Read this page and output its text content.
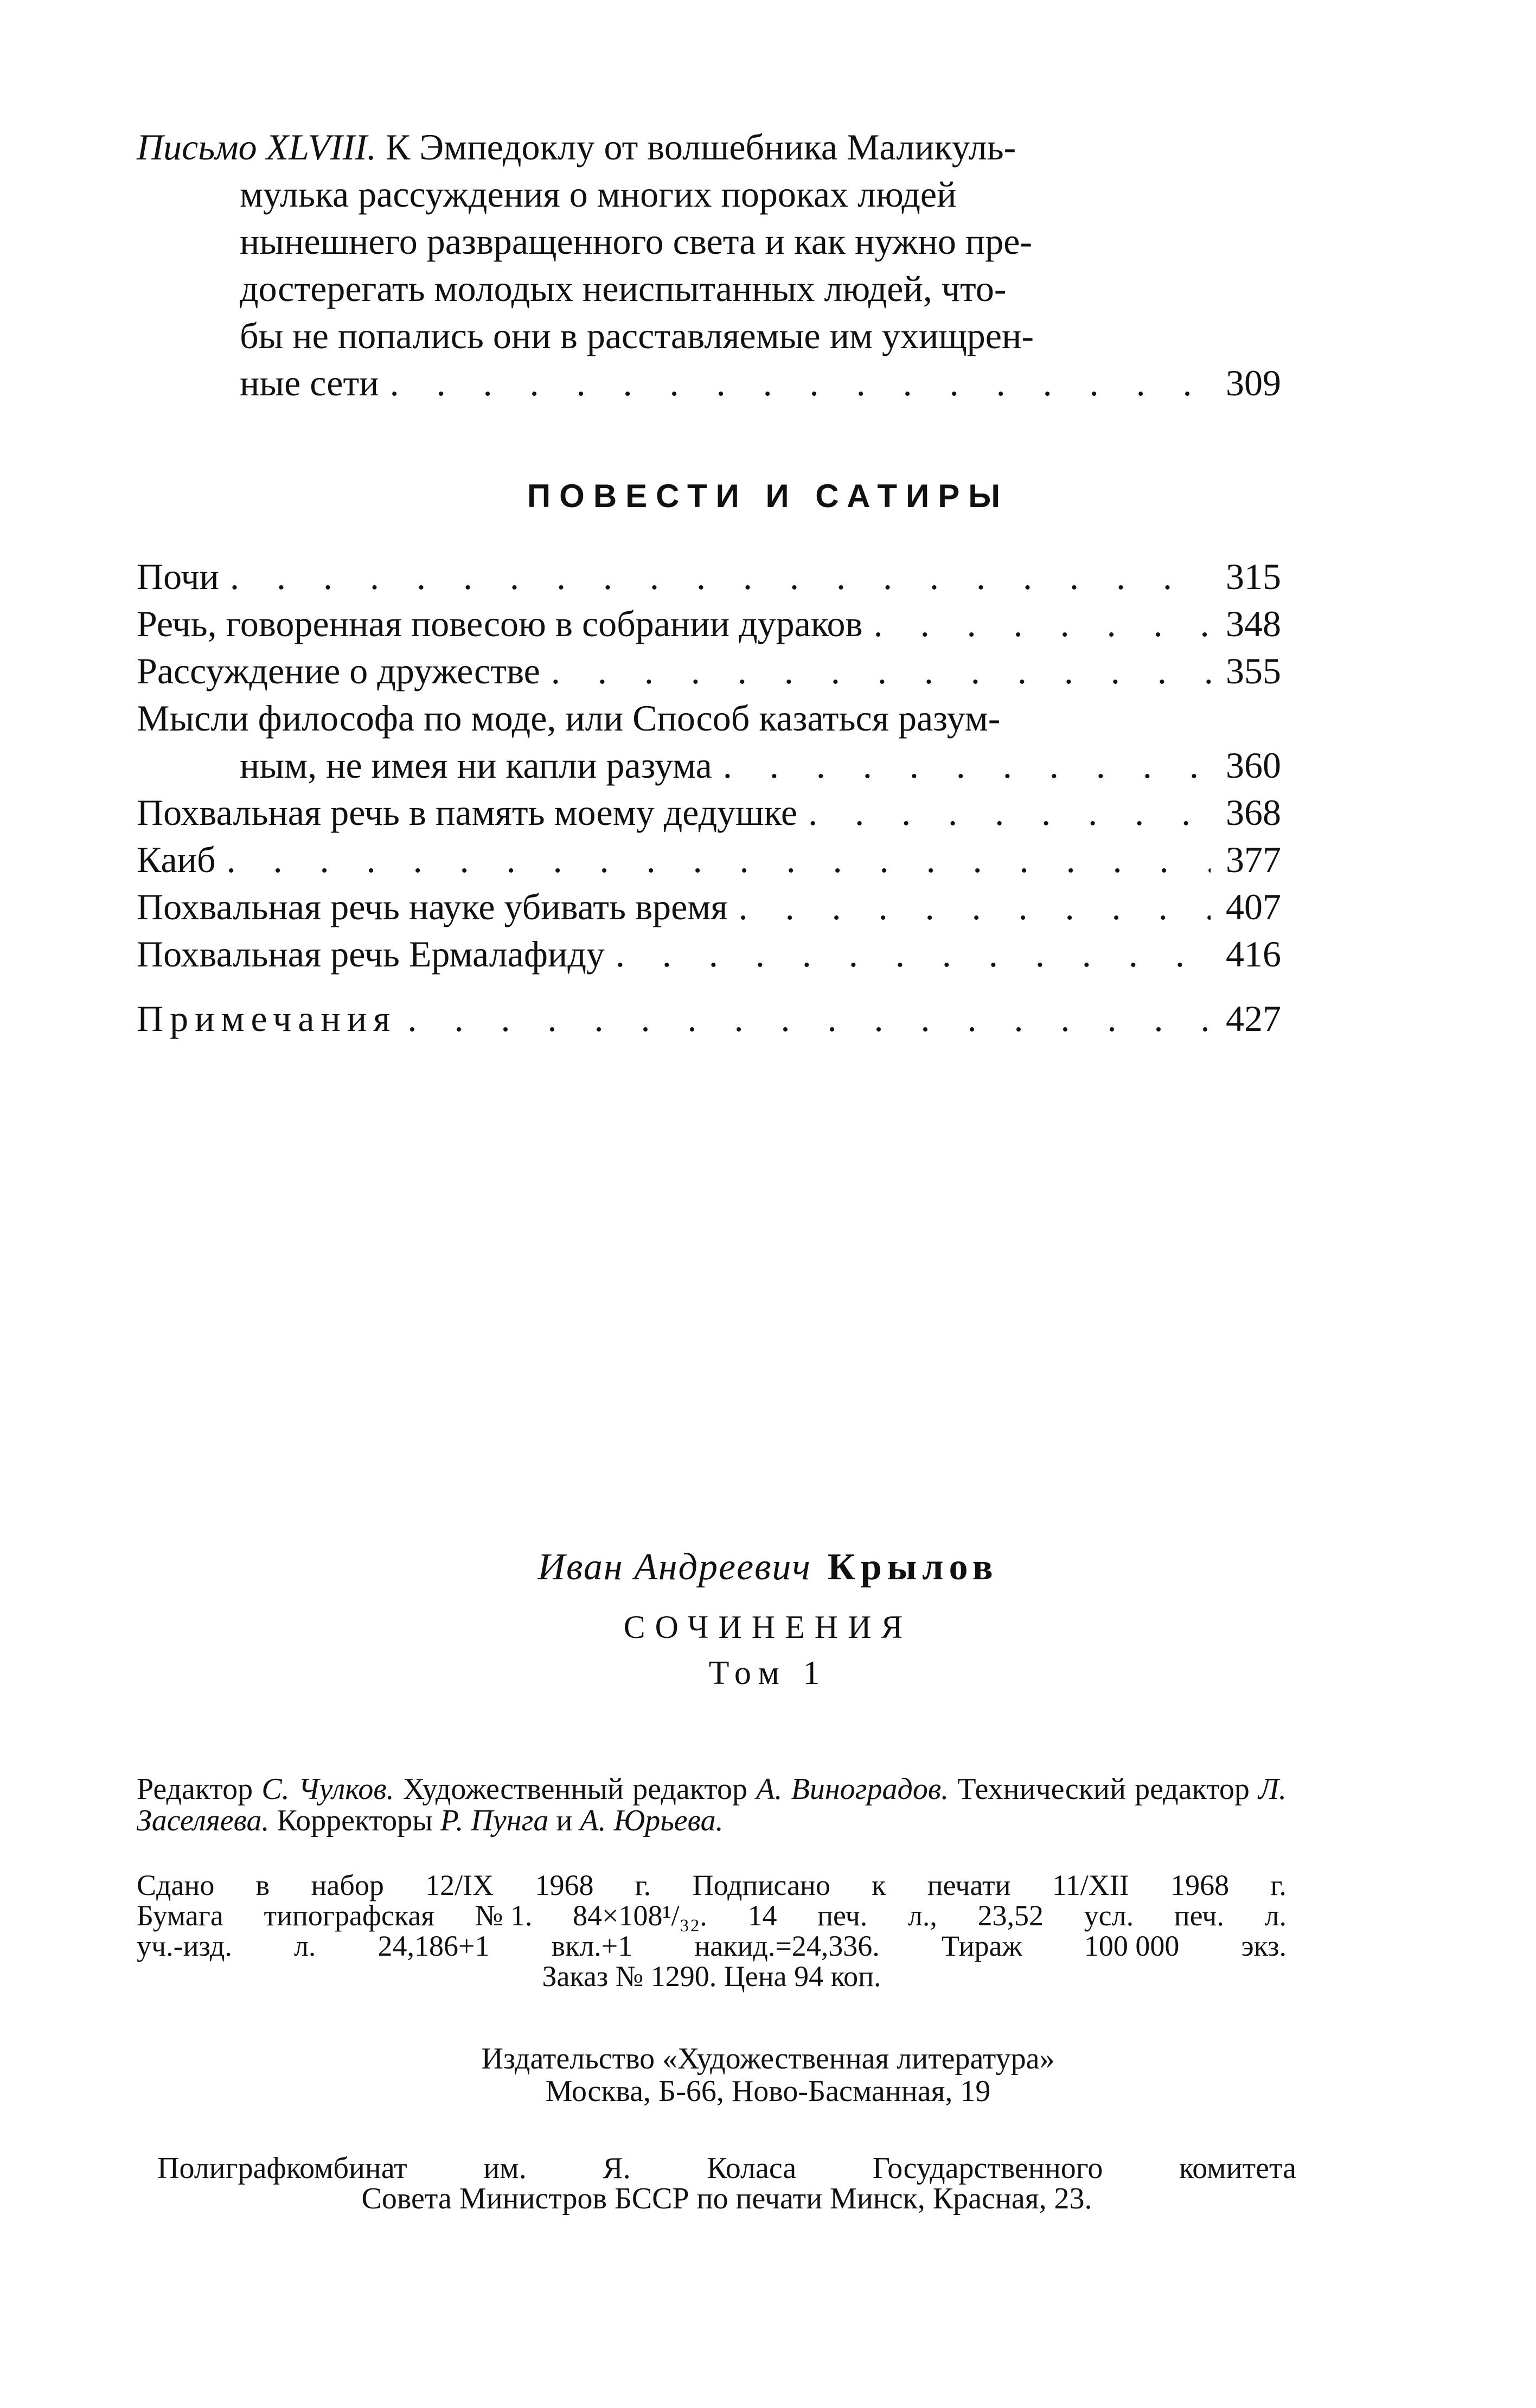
Письмо XLVIII. К Эмпедоклу от волшебника Маликуль-
мулька рассуждения о многих пороках людей
нынешнего развращенного света и как нужно пре-
достерегать молодых неиспытанных людей, что-
бы не попались они в расставляемые им ухищрен-
ные сети . . .	309
ПОВЕСТИ И САТИРЫ
Почи . . .	315
Речь, говоренная повесою в собрании дураков . . .	348
Рассуждение о дружестве . . .	355
Мысли философа по моде, или Способ казаться разум-
ным, не имея ни капли разума . . .	360
Похвальная речь в память моему дедушке . . .	368
Каиб . . .	377
Похвальная речь науке убивать время . . .	407
Похвальная речь Ермалафиду . . .	416
Примечания . . .	427
Иван Андреевич Крылов
СОЧИНЕНИЯ
Том 1
Редактор С. Чулков. Художественный редактор А. Виноградов. Технический редактор Л. Заселяева. Корректоры Р. Пунга и А. Юрьева.
Сдано в набор 12/IX 1968 г. Подписано к печати 11/XII 1968 г.
Бумага типографская № 1. 84×108¹/₃₂. 14 печ. л., 23,52 усл. печ. л.
уч.-изд. л. 24,186+1 вкл.+1 накид.=24,336. Тираж 100 000 экз.
Заказ № 1290. Цена 94 коп.
Издательство «Художественная литература»
Москва, Б-66, Ново-Басманная, 19
Полиграфкомбинат	им.	Я.	Коласа	Государственного	комитета
Совета Министров БССР по печати Минск, Красная, 23.
